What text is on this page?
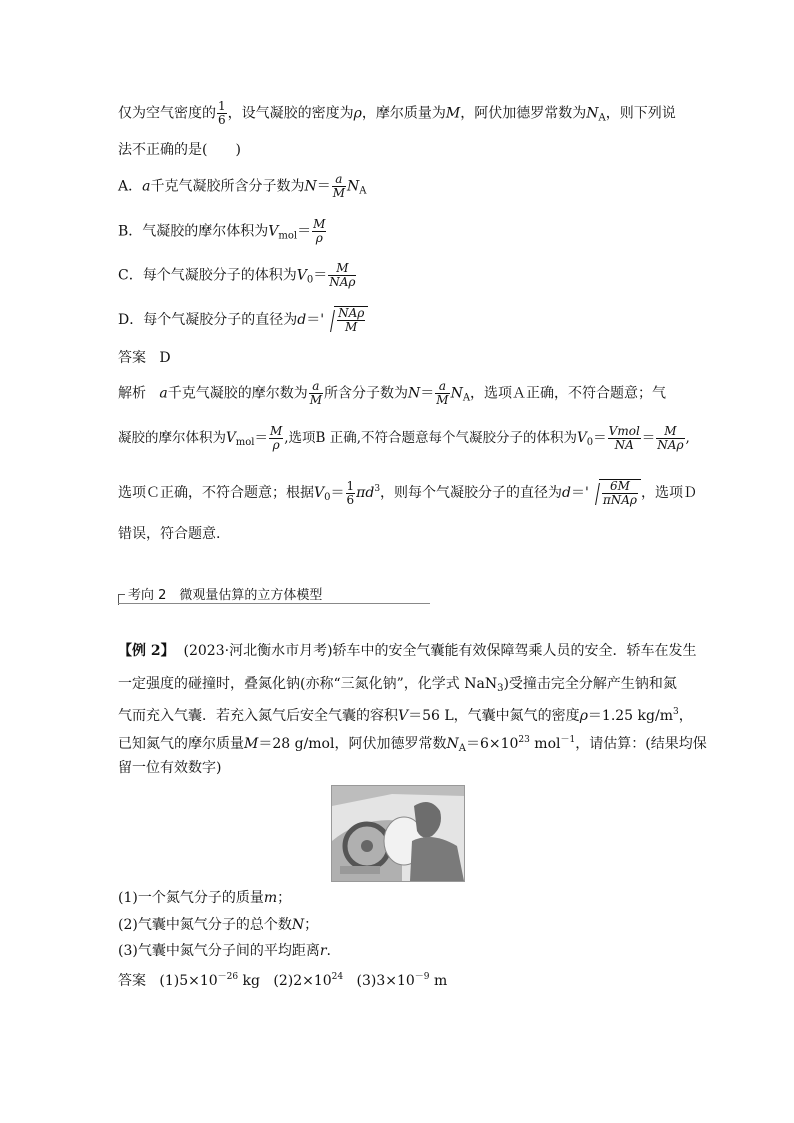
仅为空气密度的 $\frac{1}{6}$ ，设气凝胶的密度为ρ，摩尔质量为M，阿伏加德罗常数为$N_A$，则下列说
法不正确的是(　　)
A．a千克气凝胶所含分子数为$N= \frac{a}{M} N_A$
B．气凝胶的摩尔体积为$V_{mol}= \frac{M}{\rho}$
C．每个气凝胶分子的体积为$V_0= \frac{M}{\text{NAρ}}$
D．每个气凝胶分子的直径为$d=' \frac{\text{NAρ}}{M}$
答案 D
解析 a千克气凝胶的摩尔数为 $\frac{a}{M}$ 所含分子数为$N= \frac{a}{M} N_A$，选项Ａ正确，不符合题意；气
凝胶的摩尔体积为$V_{mol}= \frac{M}{\rho}$ ,选项B 正确,不符合题意每个气凝胶分子的体积为$V_0= \frac{\text{Vmol}}{NA} = \frac{M}{\text{NAρ}}$ ,
选项Ｃ正确，不符合题意；根据$V_0= \frac{1}{6} \pi d^3$，则每个气凝胶分子的直径为$d=' \frac{6M}{\text{πNAρ}}$ ，选项Ｄ
错误，符合题意.
考向 2　微观量估算的立方体模型
【例 2】 (2023·河北衡水市月考)轿车中的安全气囊能有效保障驾乘人员的安全．轿车在发生
一定强度的碰撞时，叠氮化钠(亦称“三氮化钠”，化学式 NaN$_3$)受撞击完全分解产生钠和氮
气而充入气囊．若充入氮气后安全气囊的容积V＝56 L，气囊中氮气的密度ρ＝1.25 $kg/m^3$，
已知氮气的摩尔质量M＝28 g/mol，阿伏加德罗常数$N_A=6\times 10^{23}$ mol$^{-1}$，请估算：(结果均保
留一位有效数字)
(1)一个氮气分子的质量m；
(2)气囊中氮气分子的总个数N；
(3)气囊中氮气分子间的平均距离r.
答案 $(1)5\times 10^{-26}$ kg $(2)2\times 10^{24}$ $(3)3\times 10^{-9}$ m
